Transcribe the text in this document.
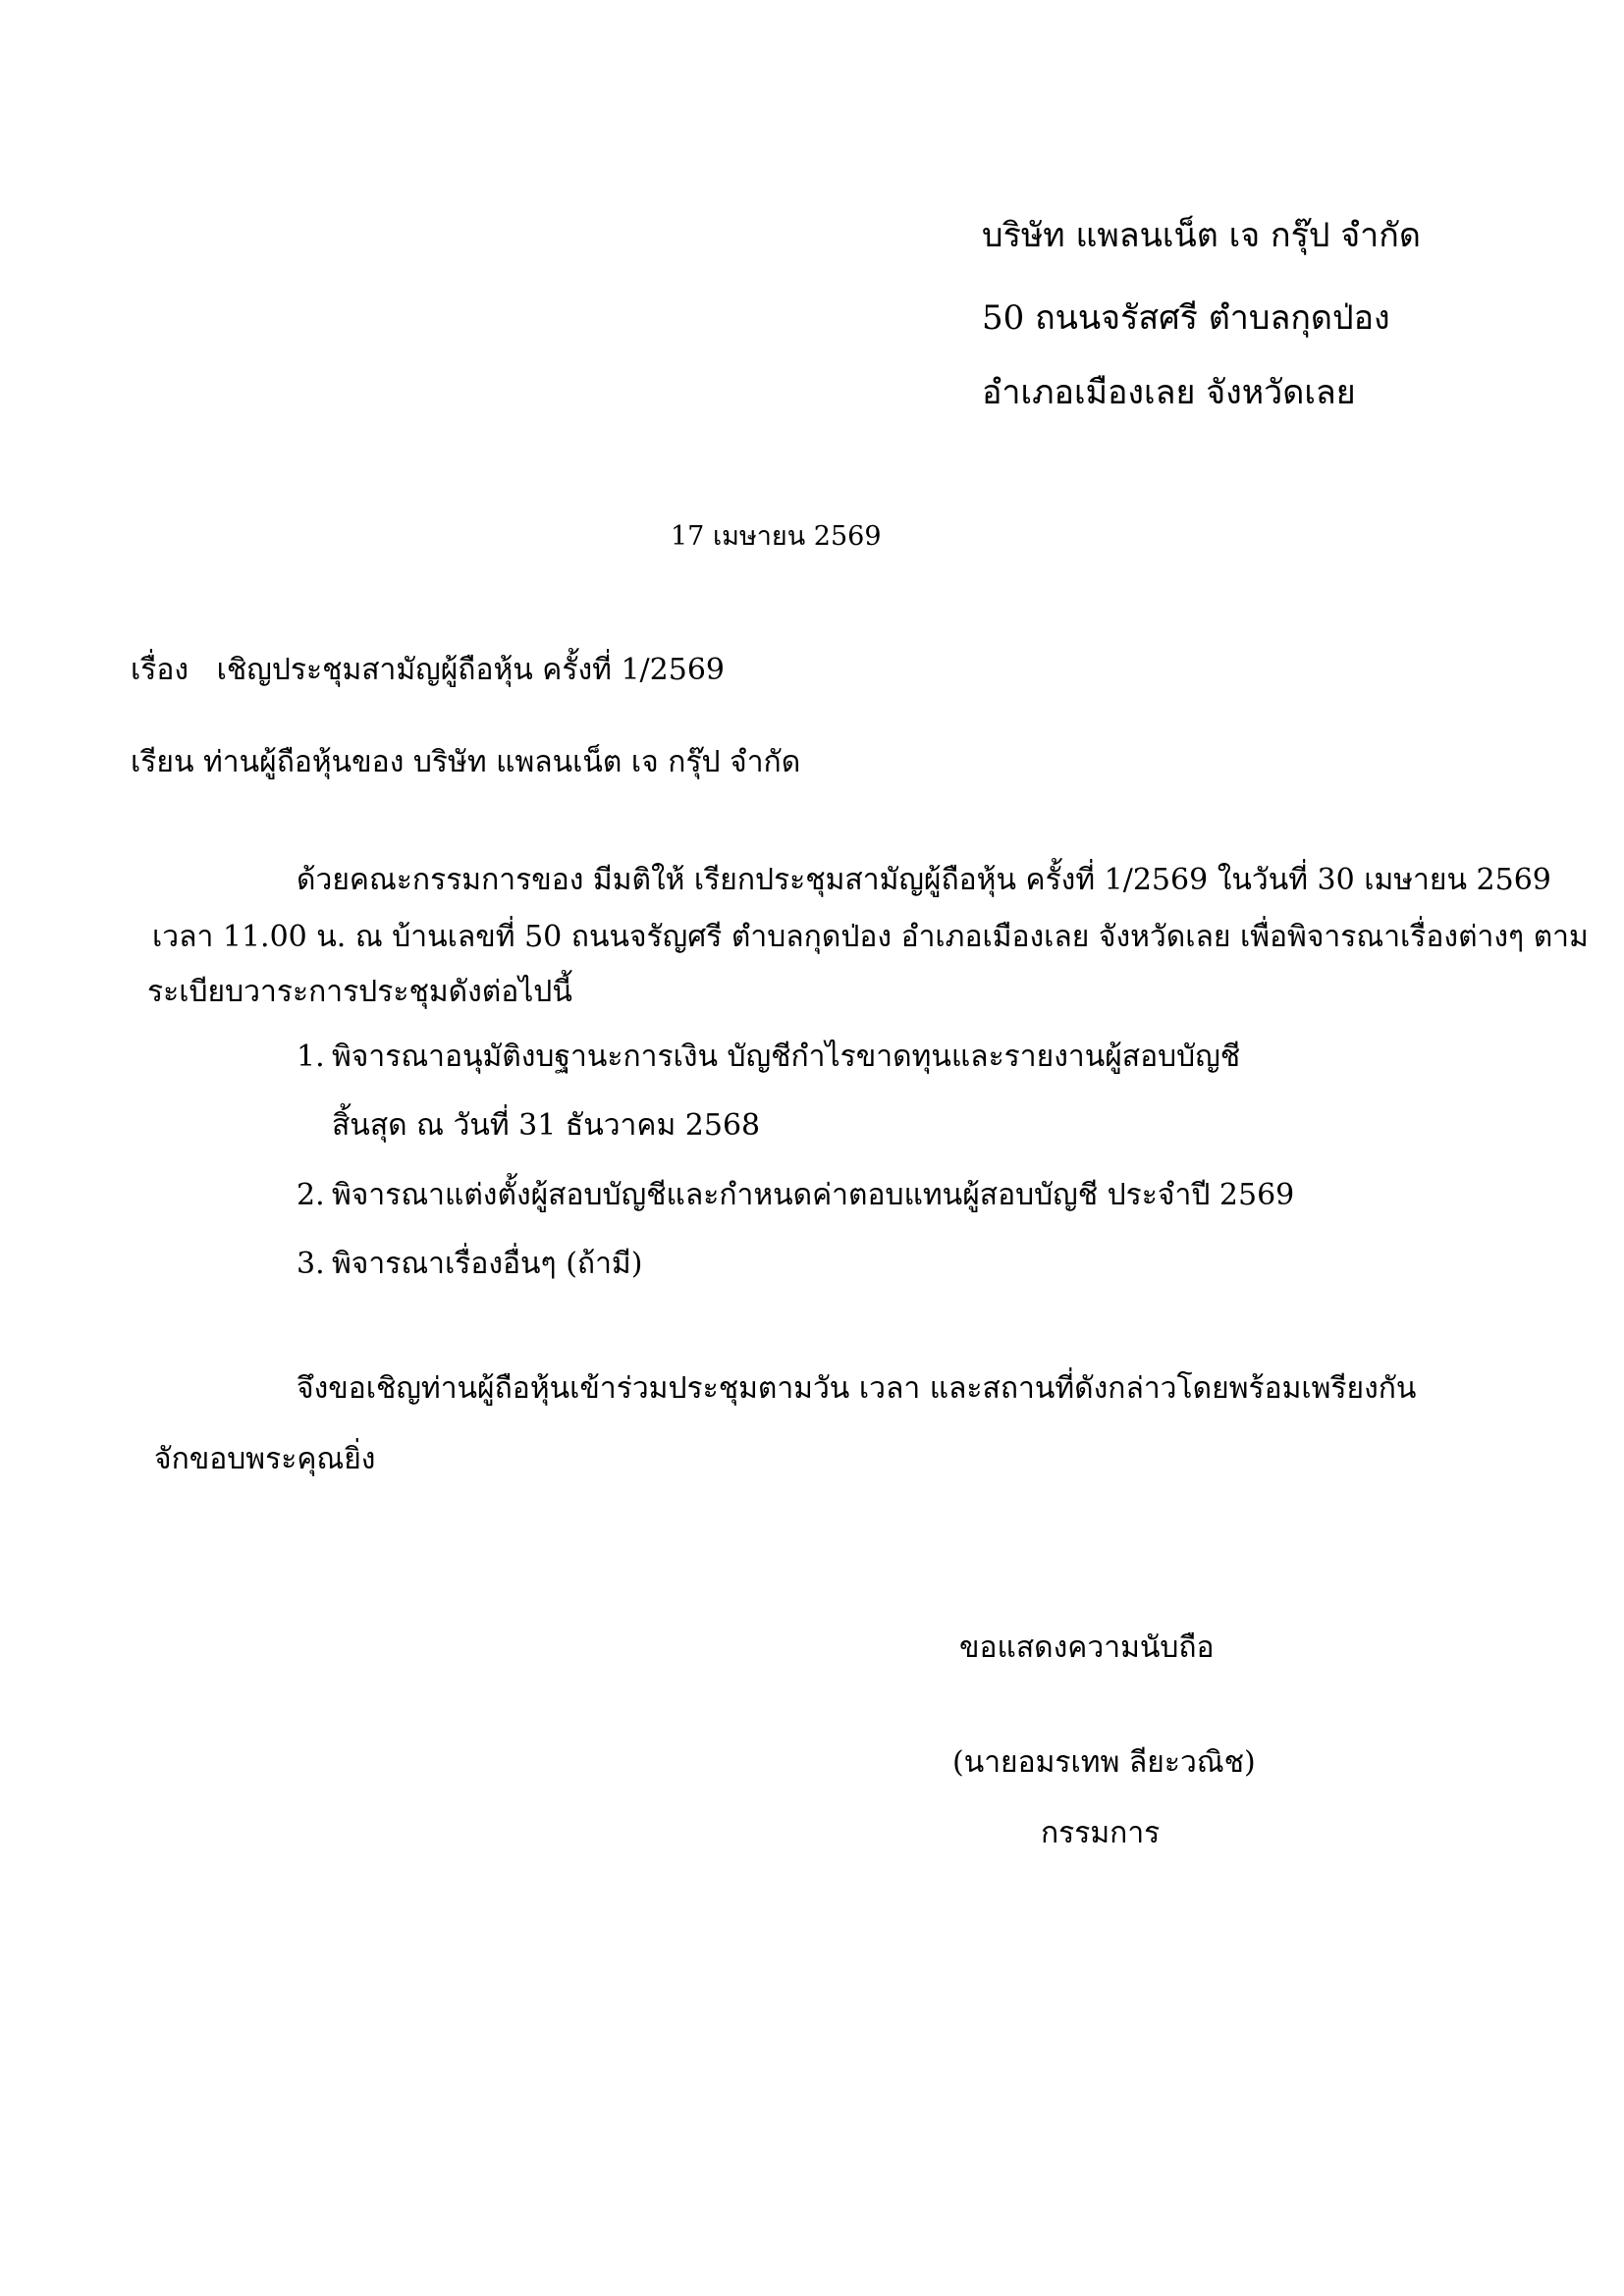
บริษัท แพลนเน็ต เจ กรุ๊ป จำกัด
50 ถนนจรัสศรี ตำบลกุดป่อง
อำเภอเมืองเลย จังหวัดเลย
17 เมษายน 2569
เรื่อง เชิญประชุมสามัญผู้ถือหุ้น ครั้งที่ 1/2569
เรียน ท่านผู้ถือหุ้นของ บริษัท แพลนเน็ต เจ กรุ๊ป จำกัด
ด้วยคณะกรรมการของ มีมติให้ เรียกประชุมสามัญผู้ถือหุ้น ครั้งที่ 1/2569 ในวันที่ 30 เมษายน 2569
เวลา 11.00 น. ณ บ้านเลขที่ 50 ถนนจรัญศรี ตำบลกุดป่อง อำเภอเมืองเลย จังหวัดเลย เพื่อพิจารณาเรื่องต่างๆ ตาม
ระเบียบวาระการประชุมดังต่อไปนี้
1. พิจารณาอนุมัติงบฐานะการเงิน บัญชีกำไรขาดทุนและรายงานผู้สอบบัญชี
สิ้นสุด ณ วันที่ 31 ธันวาคม 2568
2. พิจารณาแต่งตั้งผู้สอบบัญชีและกำหนดค่าตอบแทนผู้สอบบัญชี ประจำปี 2569
3. พิจารณาเรื่องอื่นๆ (ถ้ามี)
จึงขอเชิญท่านผู้ถือหุ้นเข้าร่วมประชุมตามวัน เวลา และสถานที่ดังกล่าวโดยพร้อมเพรียงกัน
จักขอบพระคุณยิ่ง
ขอแสดงความนับถือ
(นายอมรเทพ ลียะวณิช)
กรรมการ
